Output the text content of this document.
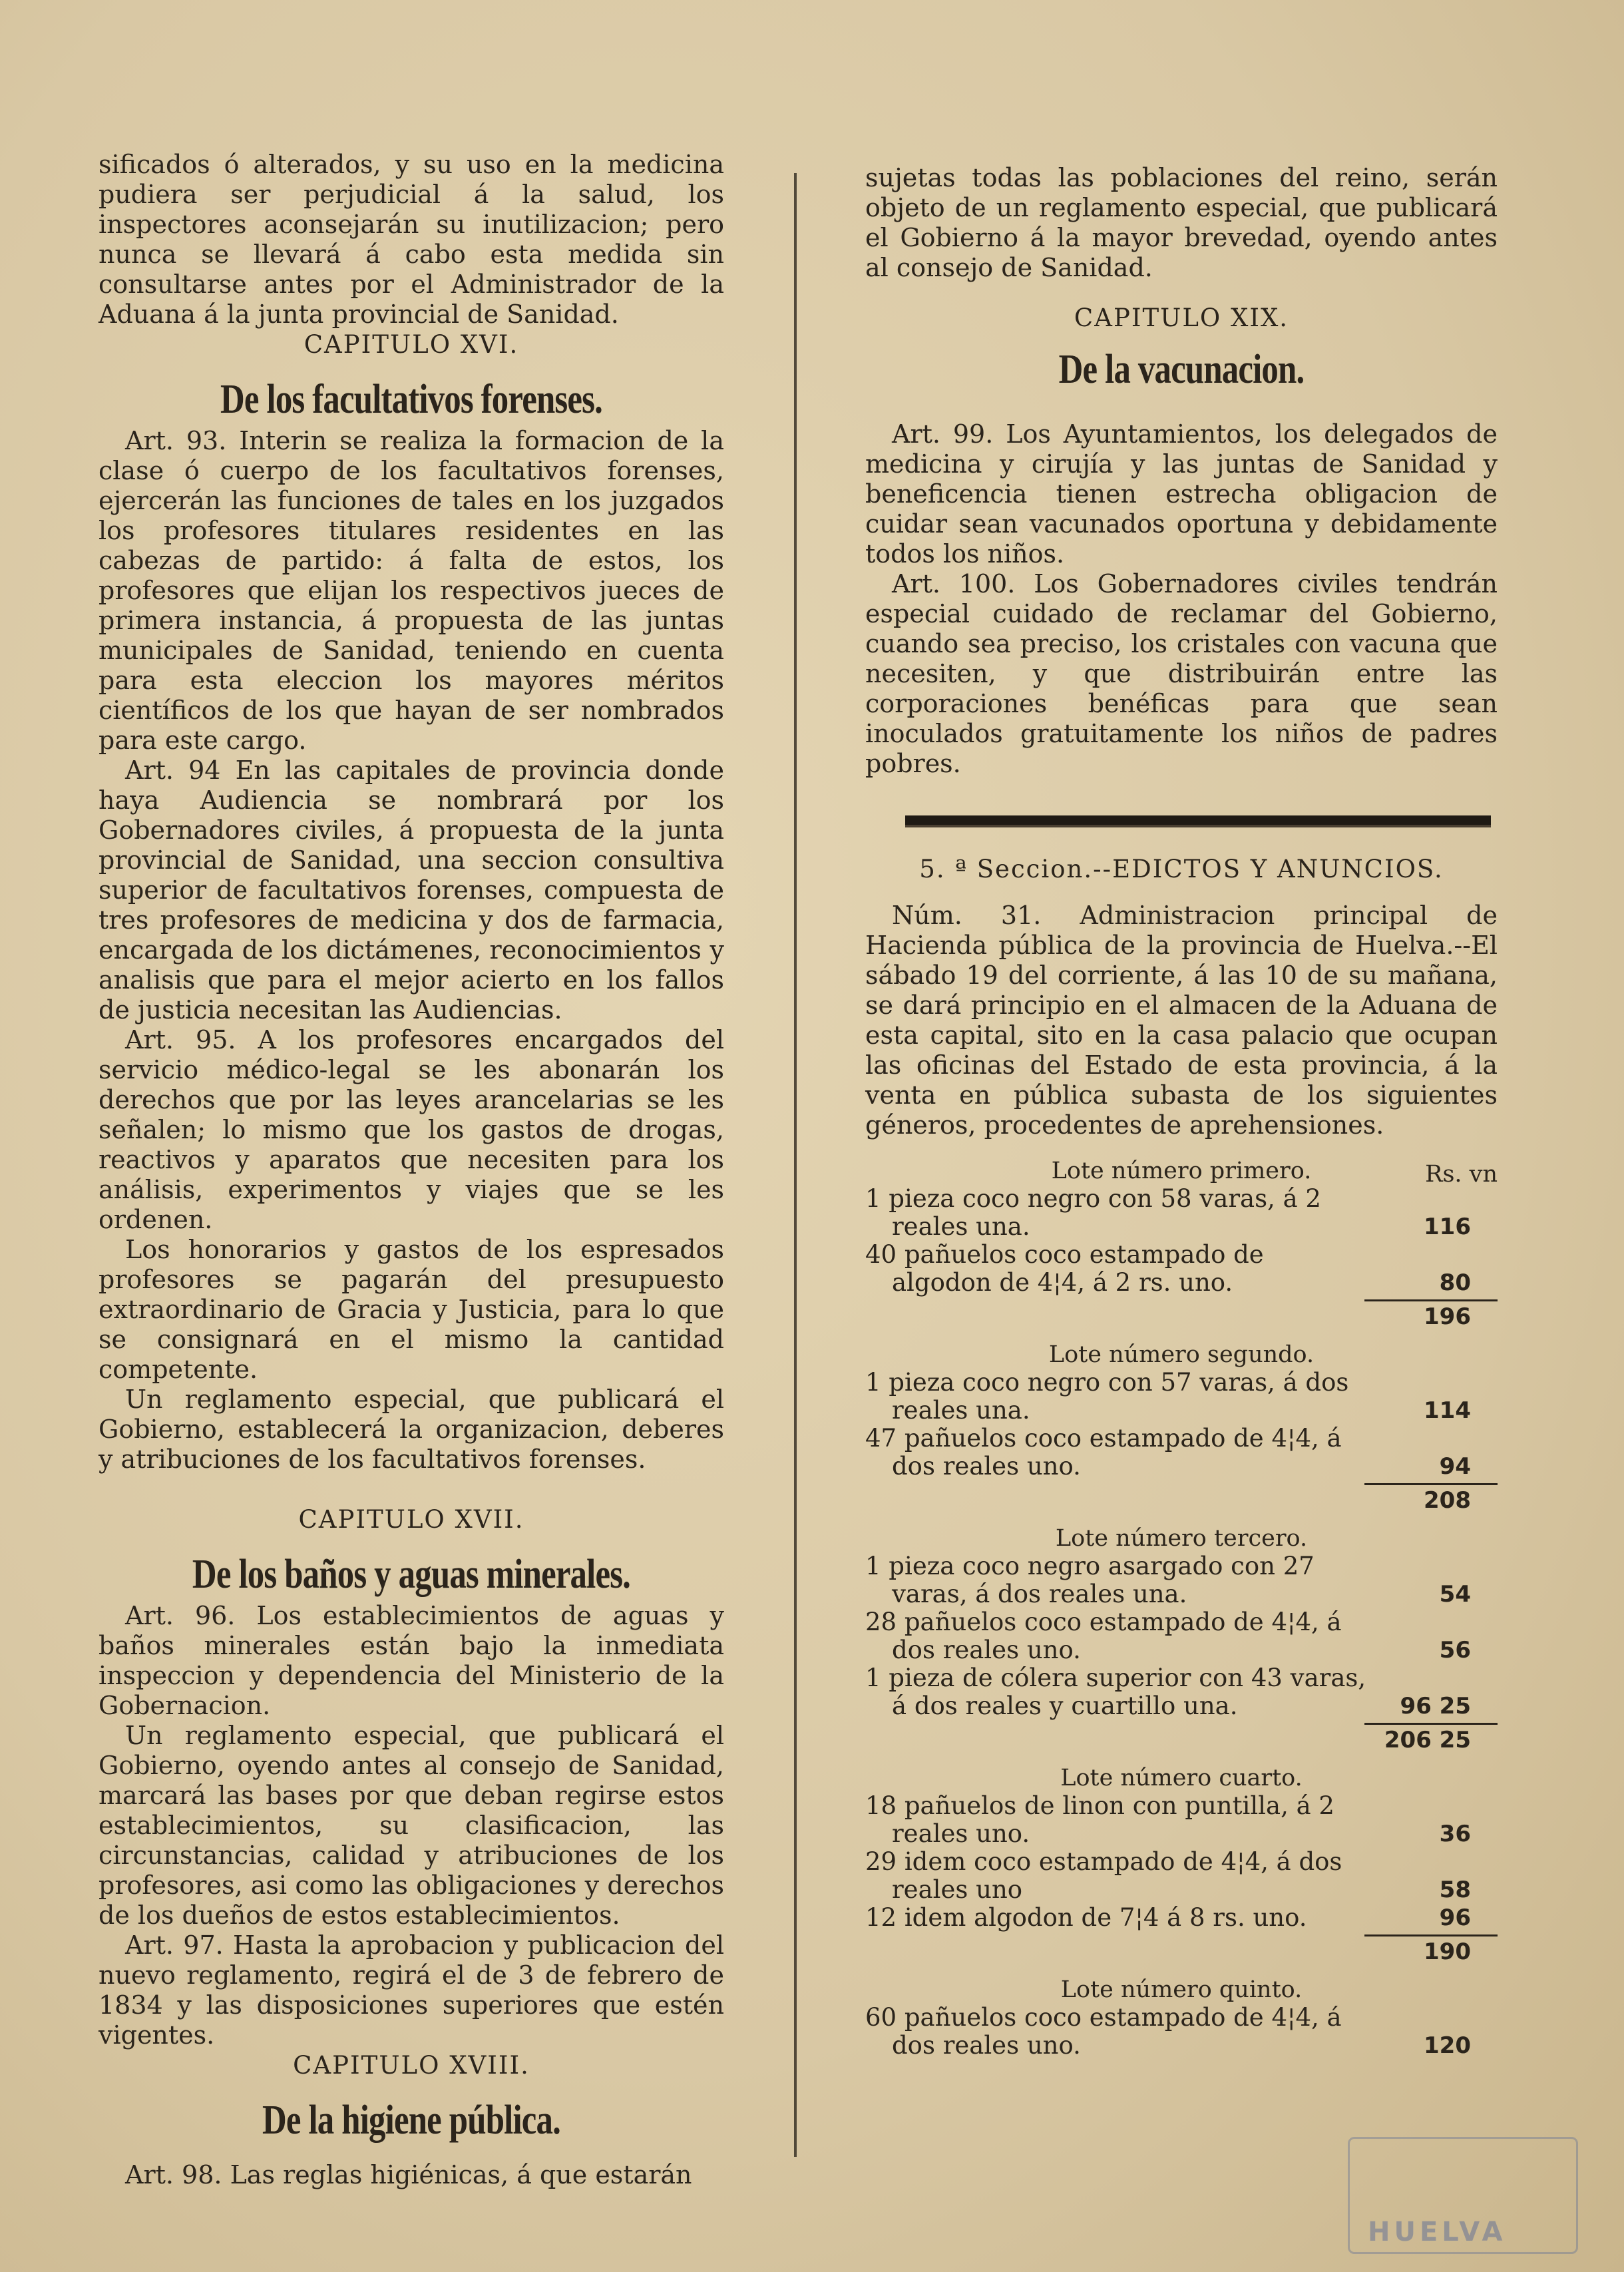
sificados ó alterados, y su uso en la medicina pudiera ser perjudicial á la salud, los inspectores aconsejarán su inutilizacion; pero nunca se llevará á cabo esta medida sin consultarse antes por el Administrador de la Aduana á la junta provincial de Sanidad.

CAPITULO XVI.
De los facultativos forenses.

Art. 93. Interin se realiza la formacion de la clase ó cuerpo de los facultativos forenses, ejercerán las funciones de tales en los juzgados los profesores titulares residentes en las cabezas de partido: á falta de estos, los profesores que elijan los respectivos jueces de primera instancia, á propuesta de las juntas municipales de Sanidad, teniendo en cuenta para esta eleccion los mayores méritos científicos de los que hayan de ser nombrados para este cargo.

Art. 94 En las capitales de provincia donde haya Audiencia se nombrará por los Gobernadores civiles, á propuesta de la junta provincial de Sanidad, una seccion consultiva superior de facultativos forenses, compuesta de tres profesores de medicina y dos de farmacia, encargada de los dictámenes, reconocimientos y analisis que para el mejor acierto en los fallos de justicia necesitan las Audiencias.

Art. 95. A los profesores encargados del servicio médico-legal se les abonarán los derechos que por las leyes arancelarias se les señalen; lo mismo que los gastos de drogas, reactivos y aparatos que necesiten para los análisis, experimentos y viajes que se les ordenen.

Los honorarios y gastos de los espresados profesores se pagarán del presupuesto extraordinario de Gracia y Justicia, para lo que se consignará en el mismo la cantidad competente.

Un reglamento especial, que publicará el Gobierno, establecerá la organizacion, deberes y atribuciones de los facultativos forenses.

CAPITULO XVII.
De los baños y aguas minerales.

Art. 96. Los establecimientos de aguas y baños minerales están bajo la inmediata inspeccion y dependencia del Ministerio de la Gobernacion.

Un reglamento especial, que publicará el Gobierno, oyendo antes al consejo de Sanidad, marcará las bases por que deban regirse estos establecimientos, su clasificacion, las circunstancias, calidad y atribuciones de los profesores, asi como las obligaciones y derechos de los dueños de estos establecimientos.

Art. 97. Hasta la aprobacion y publicacion del nuevo reglamento, regirá el de 3 de febrero de 1834 y las disposiciones superiores que estén vigentes.

CAPITULO XVIII.
De la higiene pública.

Art. 98. Las reglas higiénicas, á que estarán

sujetas todas las poblaciones del reino, serán objeto de un reglamento especial, que publicará el Gobierno á la mayor brevedad, oyendo antes al consejo de Sanidad.

CAPITULO XIX.
De la vacunacion.

Art. 99. Los Ayuntamientos, los delegados de medicina y cirujía y las juntas de Sanidad y beneficencia tienen estrecha obligacion de cuidar sean vacunados oportuna y debidamente todos los niños.

Art. 100. Los Gobernadores civiles tendrán especial cuidado de reclamar del Gobierno, cuando sea preciso, los cristales con vacuna que necesiten, y que distribuirán entre las corporaciones benéficas para que sean inoculados gratuitamente los niños de padres pobres.

5. ª Seccion.--EDICTOS Y ANUNCIOS.

Núm. 31. Administracion principal de Hacienda pública de la provincia de Huelva.--El sábado 19 del corriente, á las 10 de su mañana, se dará principio en el almacen de la Aduana de esta capital, sito en la casa palacio que ocupan las oficinas del Estado de esta provincia, á la venta en pública subasta de los siguientes géneros, procedentes de aprehensiones.

Rs. vn
Lote número primero.
1 pieza coco negro con 58 varas, á 2 reales una.	116
40 pañuelos coco estampado de algodon de 4¦4, á 2 rs. uno.	80
196
Lote número segundo.
1 pieza coco negro con 57 varas, á dos reales una.	114
47 pañuelos coco estampado de 4¦4, á dos reales uno.	94
208
Lote número tercero.
1 pieza coco negro asargado con 27 varas, á dos reales una.	54
28 pañuelos coco estampado de 4¦4, á dos reales uno.	56
1 pieza de cólera superior con 43 varas, á dos reales y cuartillo una.	96 25
206 25
Lote número cuarto.
18 pañuelos de linon con puntilla, á 2 reales uno.	36
29 idem coco estampado de 4¦4, á dos reales uno	58
12 idem algodon de 7¦4 á 8 rs. uno.	96
190
Lote número quinto.
60 pañuelos coco estampado de 4¦4, á dos reales uno.	120
HUELVA
